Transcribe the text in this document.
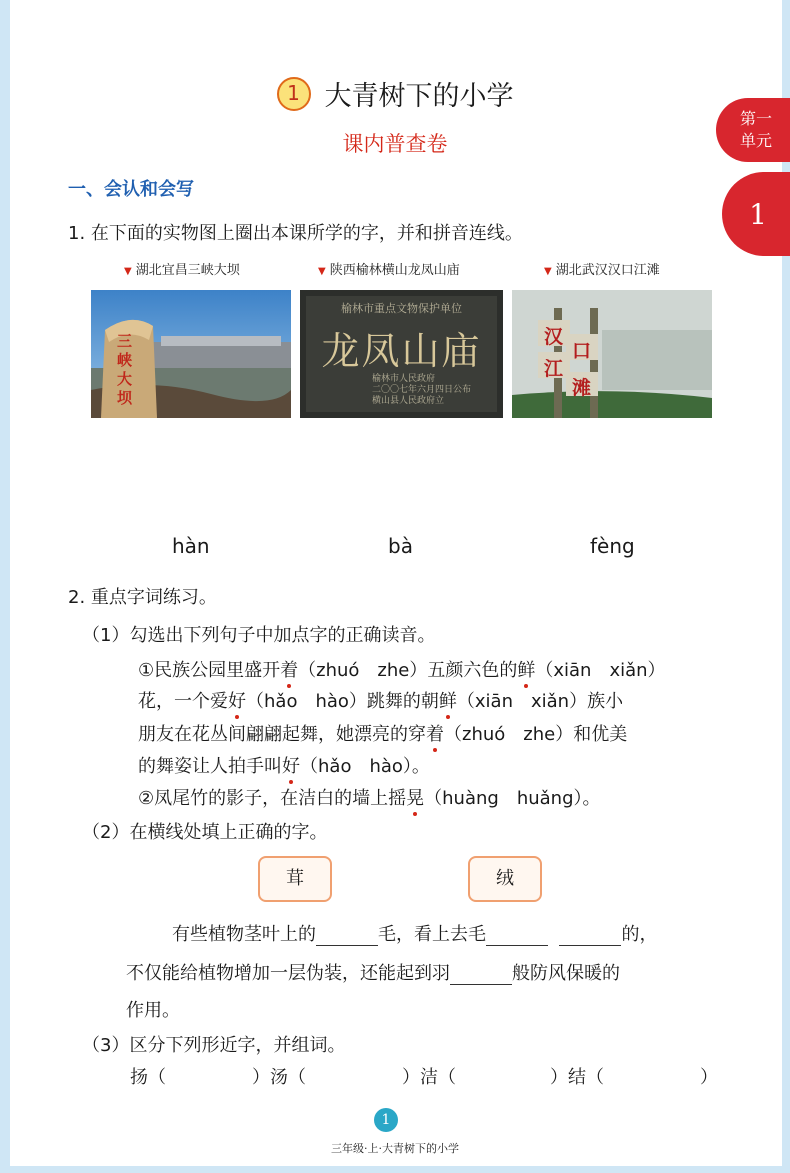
1 大青树下的小学
课内普查卷
第一
单元
1
一、会认和会写
1. 在下面的实物图上圈出本课所学的字，并和拼音连线。
▼ 湖北宜昌三峡大坝	▼ 陕西榆林横山龙凤山庙	▼ 湖北武汉汉口江滩
三峡大坝
榆林市重点文物保护单位
龙凤山庙
榆林市人民政府
二〇〇七年六月四日公布
横山县人民政府立
汉
口
江
滩
hàn	bà	fèng
2. 重点字词练习。
（1）勾选出下列句子中加点字的正确读音。
①民族公园里盛开着（zhuó　zhe）五颜六色的鲜（xiān　xiǎn）
花，一个爱好（hǎo　hào）跳舞的朝鲜（xiān　xiǎn）族小
朋友在花丛间翩翩起舞，她漂亮的穿着（zhuó　zhe）和优美
的舞姿让人拍手叫好（hǎo　hào）。
②凤尾竹的影子，在洁白的墙上摇晃（huàng　huǎng）。
（2）在横线处填上正确的字。
茸	绒
有些植物茎叶上的	毛，看上去毛	的，
不仅能给植物增加一层伪装，还能起到羽	般防风保暖的
作用。
（3）区分下列形近字，并组词。
扬（	）汤（	）洁（	）结（	）
1
三年级·上·大青树下的小学
